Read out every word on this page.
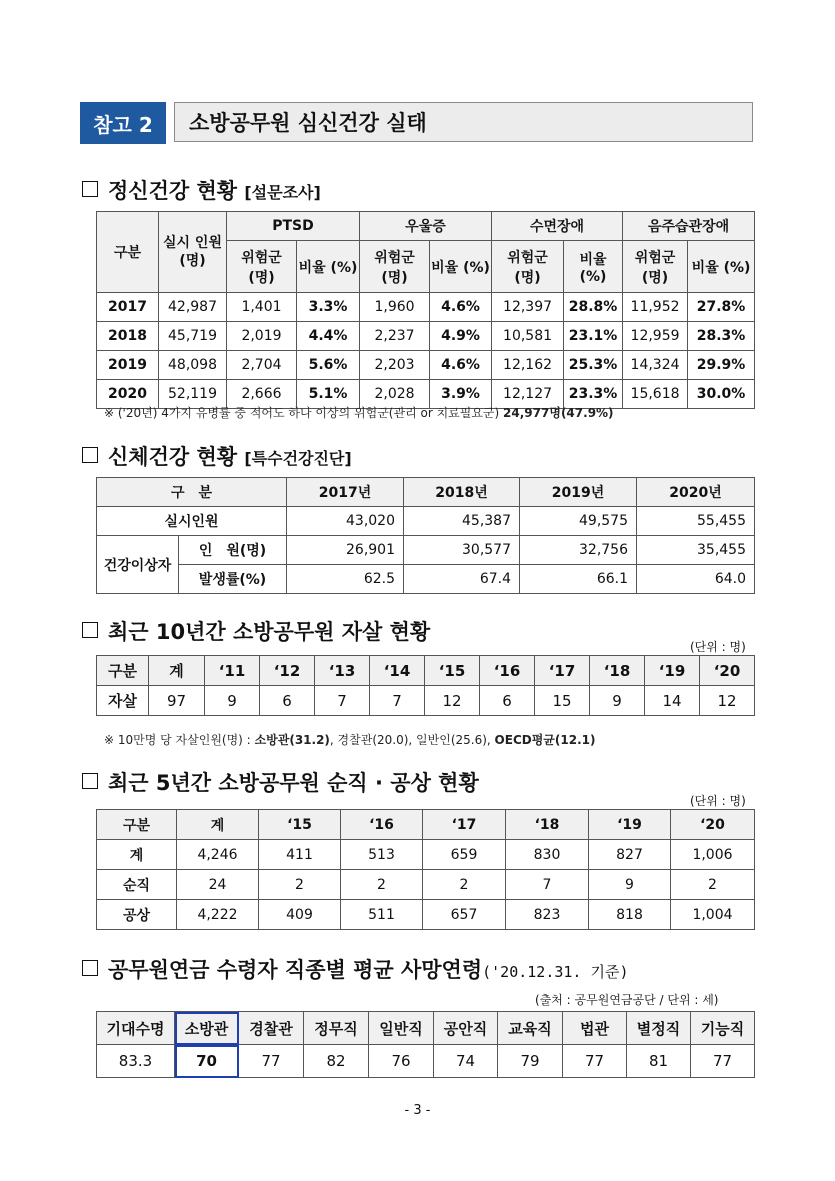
참고 2	소방공무원 심신건강 실태
정신건강 현황 [설문조사]
구분	실시 인원 (명)	PTSD		우울증		수면장애		음주습관장애	
		위험군 (명)	비율 (%)	위험군 (명)	비율 (%)	위험군 (명)	비율 (%)	위험군 (명)	비율 (%)
2017	42,987	1,401	3.3%	1,960	4.6%	12,397	28.8%	11,952	27.8%
2018	45,719	2,019	4.4%	2,237	4.9%	10,581	23.1%	12,959	28.3%
2019	48,098	2,704	5.6%	2,203	4.6%	12,162	25.3%	14,324	29.9%
2020	52,119	2,666	5.1%	2,028	3.9%	12,127	23.3%	15,618	30.0%
※ ('20년) 4가지 유병률 중 적어도 하나 이상의 위험군(관리 or 치료필요군) 24,977명(47.9%)
신체건강 현황 [특수건강진단]
구　분		2017년	2018년	2019년	2020년
실시인원		43,020	45,387	49,575	55,455
건강이상자	인　원(명)	26,901	30,577	32,756	35,455
	발생률(%)	62.5	67.4	66.1	64.0
최근 10년간 소방공무원 자살 현황
(단위 : 명)
구분	계	‘11	‘12	‘13	‘14	‘15	‘16	‘17	‘18	‘19	‘20
자살	97	9	6	7	7	12	6	15	9	14	12
※ 10만명 당 자살인원(명) : 소방관(31.2), 경찰관(20.0), 일반인(25.6), OECD평균(12.1)
최근 5년간 소방공무원 순직 · 공상 현황
(단위 : 명)
구분	계	‘15	‘16	‘17	‘18	‘19	‘20
계	4,246	411	513	659	830	827	1,006
순직	24	2	2	2	7	9	2
공상	4,222	409	511	657	823	818	1,004
공무원연금 수령자 직종별 평균 사망연령('20.12.31. 기준)
(출처 : 공무원연금공단 / 단위 : 세)
기대수명	소방관	경찰관	정무직	일반직	공안직	교육직	법관	별정직	기능직
83.3	70	77	82	76	74	79	77	81	77
- 3 -
